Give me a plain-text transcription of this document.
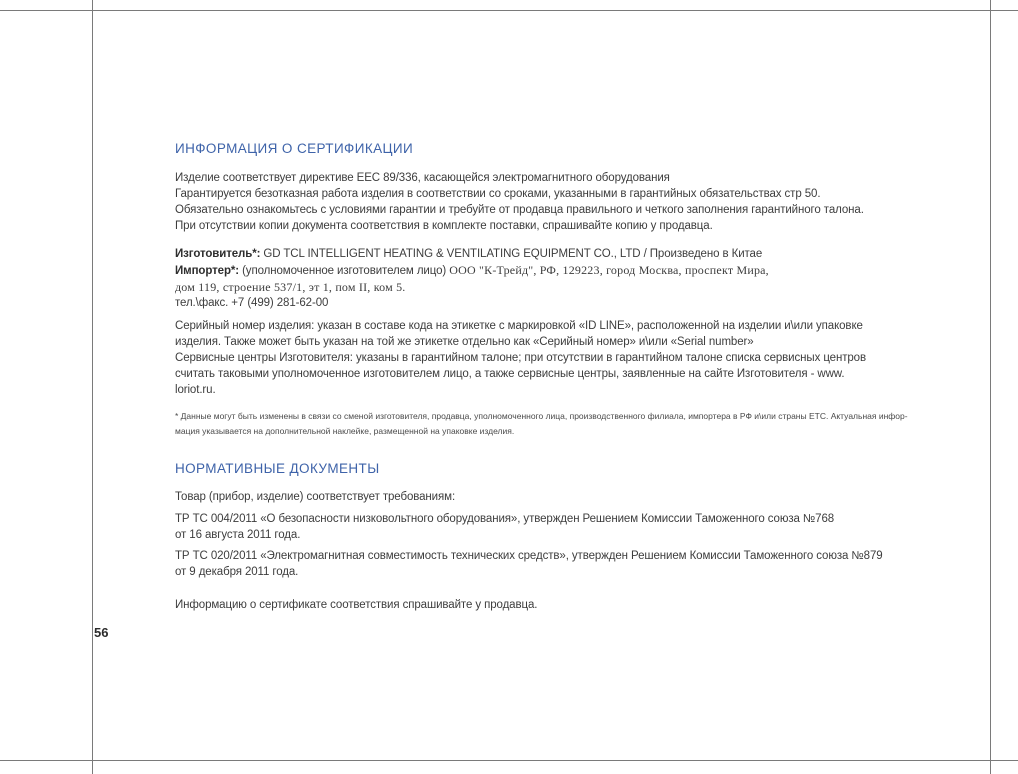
ИНФОРМАЦИЯ О СЕРТИФИКАЦИИ
Изделие соответствует директиве ЕЕС 89/336, касающейся электромагнитного оборудования
Гарантируется безотказная работа изделия в соответствии со сроками, указанными в гарантийных обязательствах стр 50.
Обязательно ознакомьтесь с условиями гарантии и требуйте от продавца правильного и четкого заполнения гарантийного талона.
При отсутствии копии документа соответствия в комплекте поставки, спрашивайте копию у продавца.
Изготовитель*: GD TCL INTELLIGENT HEATING & VENTILATING EQUIPMENT CO., LTD / Произведено в Китае
Импортер*: (уполномоченное изготовителем лицо) ООО "К-Трейд", РФ, 129223, город Москва, проспект Мира,
дом 119, строение 537/1, эт 1, пом II, ком 5.
тел.\факс. +7 (499) 281-62-00
Серийный номер изделия: указан в составе кода на этикетке с маркировкой «ID LINE», расположенной на изделии и\или упаковке
изделия. Также может быть указан на той же этикетке отдельно как «Серийный номер» и\или «Serial number»
Сервисные центры Изготовителя: указаны в гарантийном талоне; при отсутствии в гарантийном талоне списка сервисных центров
считать таковыми уполномоченное изготовителем лицо, а также сервисные центры, заявленные на сайте Изготовителя - www.
loriot.ru.
* Данные могут быть изменены в связи со сменой изготовителя, продавца, уполномоченного лица, производственного филиала, импортера в РФ и\или страны ЕТС. Актуальная инфор-
мация указывается на дополнительной наклейке, размещенной на упаковке изделия.
НОРМАТИВНЫЕ ДОКУМЕНТЫ
Товар (прибор, изделие) соответствует требованиям:
ТР ТС 004/2011 «О безопасности низковольтного оборудования», утвержден Решением Комиссии Таможенного союза №768
от 16 августа 2011 года.
ТР ТС 020/2011 «Электромагнитная совместимость технических средств», утвержден Решением Комиссии Таможенного союза №879
от 9 декабря 2011 года.
Информацию о сертификате соответствия спрашивайте у продавца.
56
